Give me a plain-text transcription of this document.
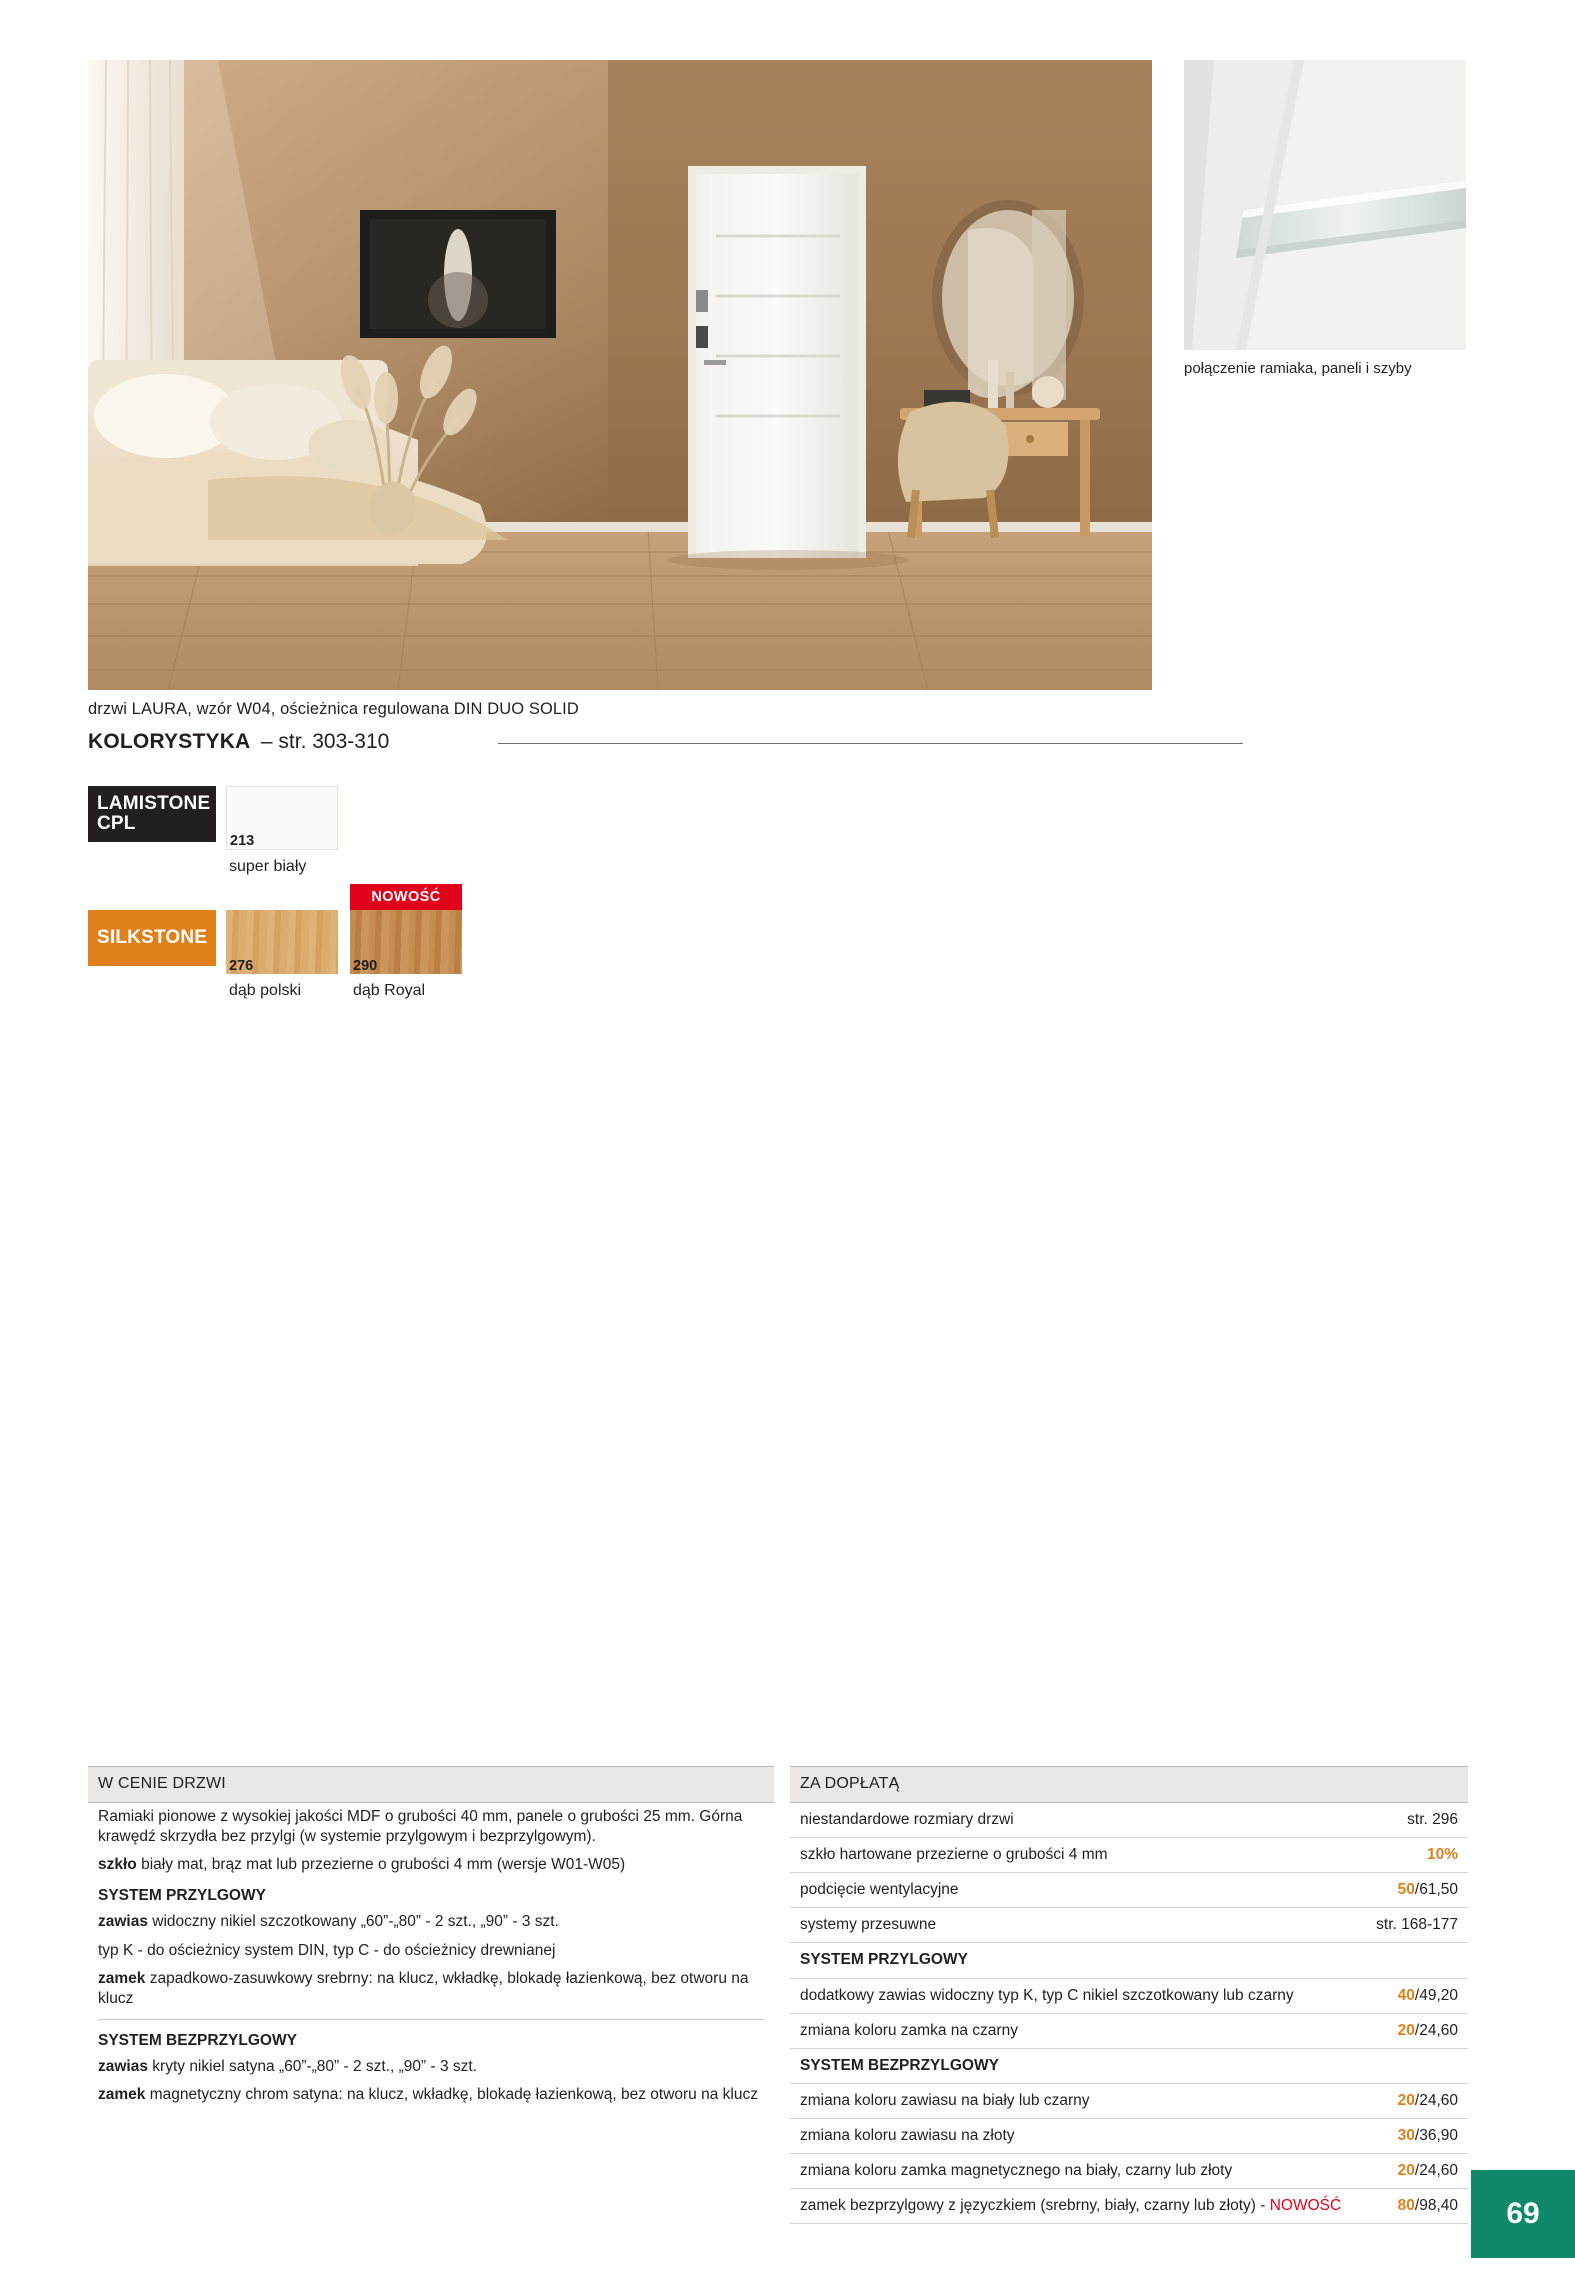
drzwi LAURA, wzór W04, ościeżnica regulowana DIN DUO SOLID
połączenie ramiaka, paneli i szyby
KOLORYSTYKA – str. 303-310
LAMISTONE CPL
213
super biały
SILKSTONE
276
dąb polski
NOWOŚĆ
290
dąb Royal
W CENIE DRZWI

Ramiaki pionowe z wysokiej jakości MDF o grubości 40 mm, panele o grubości 25 mm. Górna krawędź skrzydła bez przylgi (w systemie przylgowym i bezprzylgowym).

szkło biały mat, brąz mat lub przezierne o grubości 4 mm (wersje W01-W05)

SYSTEM PRZYLGOWY

zawias widoczny nikiel szczotkowany „60”-„80” - 2 szt., „90” - 3 szt.

typ K - do ościeżnicy system DIN, typ C - do ościeżnicy drewnianej

zamek zapadkowo-zasuwkowy srebrny: na klucz, wkładkę, blokadę łazienkową, bez otworu na klucz

SYSTEM BEZPRZYLGOWY

zawias kryty nikiel satyna „60”-„80” - 2 szt., „90” - 3 szt.

zamek magnetyczny chrom satyna: na klucz, wkładkę, blokadę łazienkową, bez otworu na klucz

ZA DOPŁATĄ
niestandardowe rozmiary drzwi	str. 296
szkło hartowane przezierne o grubości 4 mm	10%
podcięcie wentylacyjne	50/61,50
systemy przesuwne	str. 168-177
SYSTEM PRZYLGOWY
dodatkowy zawias widoczny typ K, typ C nikiel szczotkowany lub czarny	40/49,20
zmiana koloru zamka na czarny	20/24,60
SYSTEM BEZPRZYLGOWY
zmiana koloru zawiasu na biały lub czarny	20/24,60
zmiana koloru zawiasu na złoty	30/36,90
zmiana koloru zamka magnetycznego na biały, czarny lub złoty	20/24,60
zamek bezprzylgowy z języczkiem (srebrny, biały, czarny lub złoty) - NOWOŚĆ	80/98,40 69
